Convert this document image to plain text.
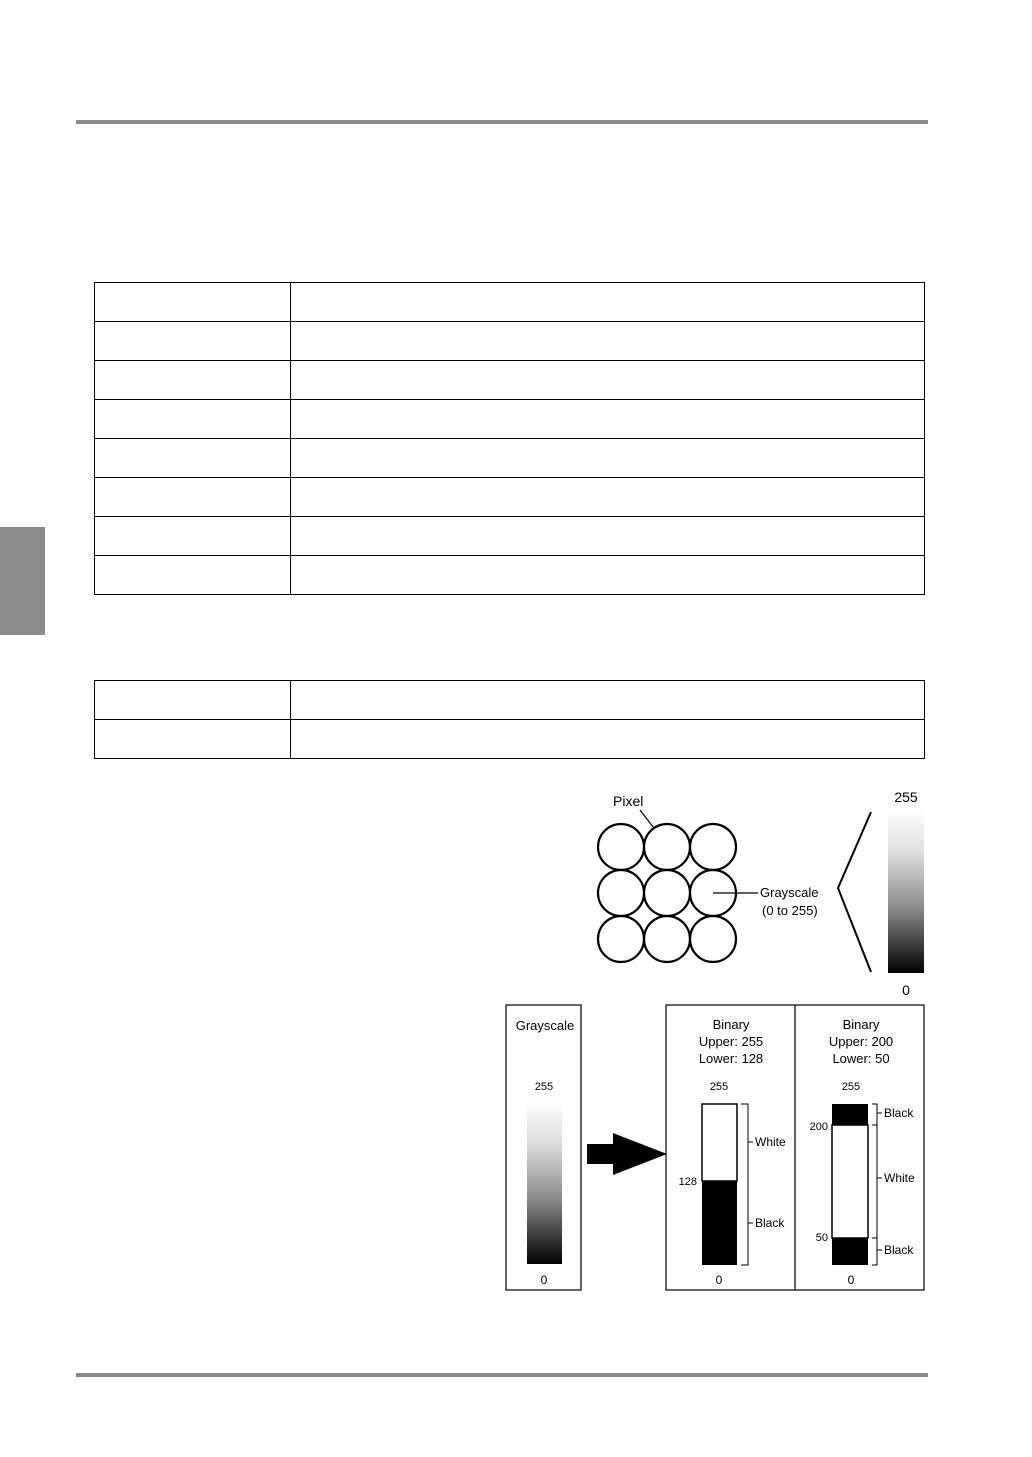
Pixel
Grayscale
(0 to 255)
255
0
Grayscale
255
0
Binary
Upper: 255
Lower: 128
255
128
White
Black
0
Binary
Upper: 200
Lower: 50
255
200
50
Black
White
Black
0
